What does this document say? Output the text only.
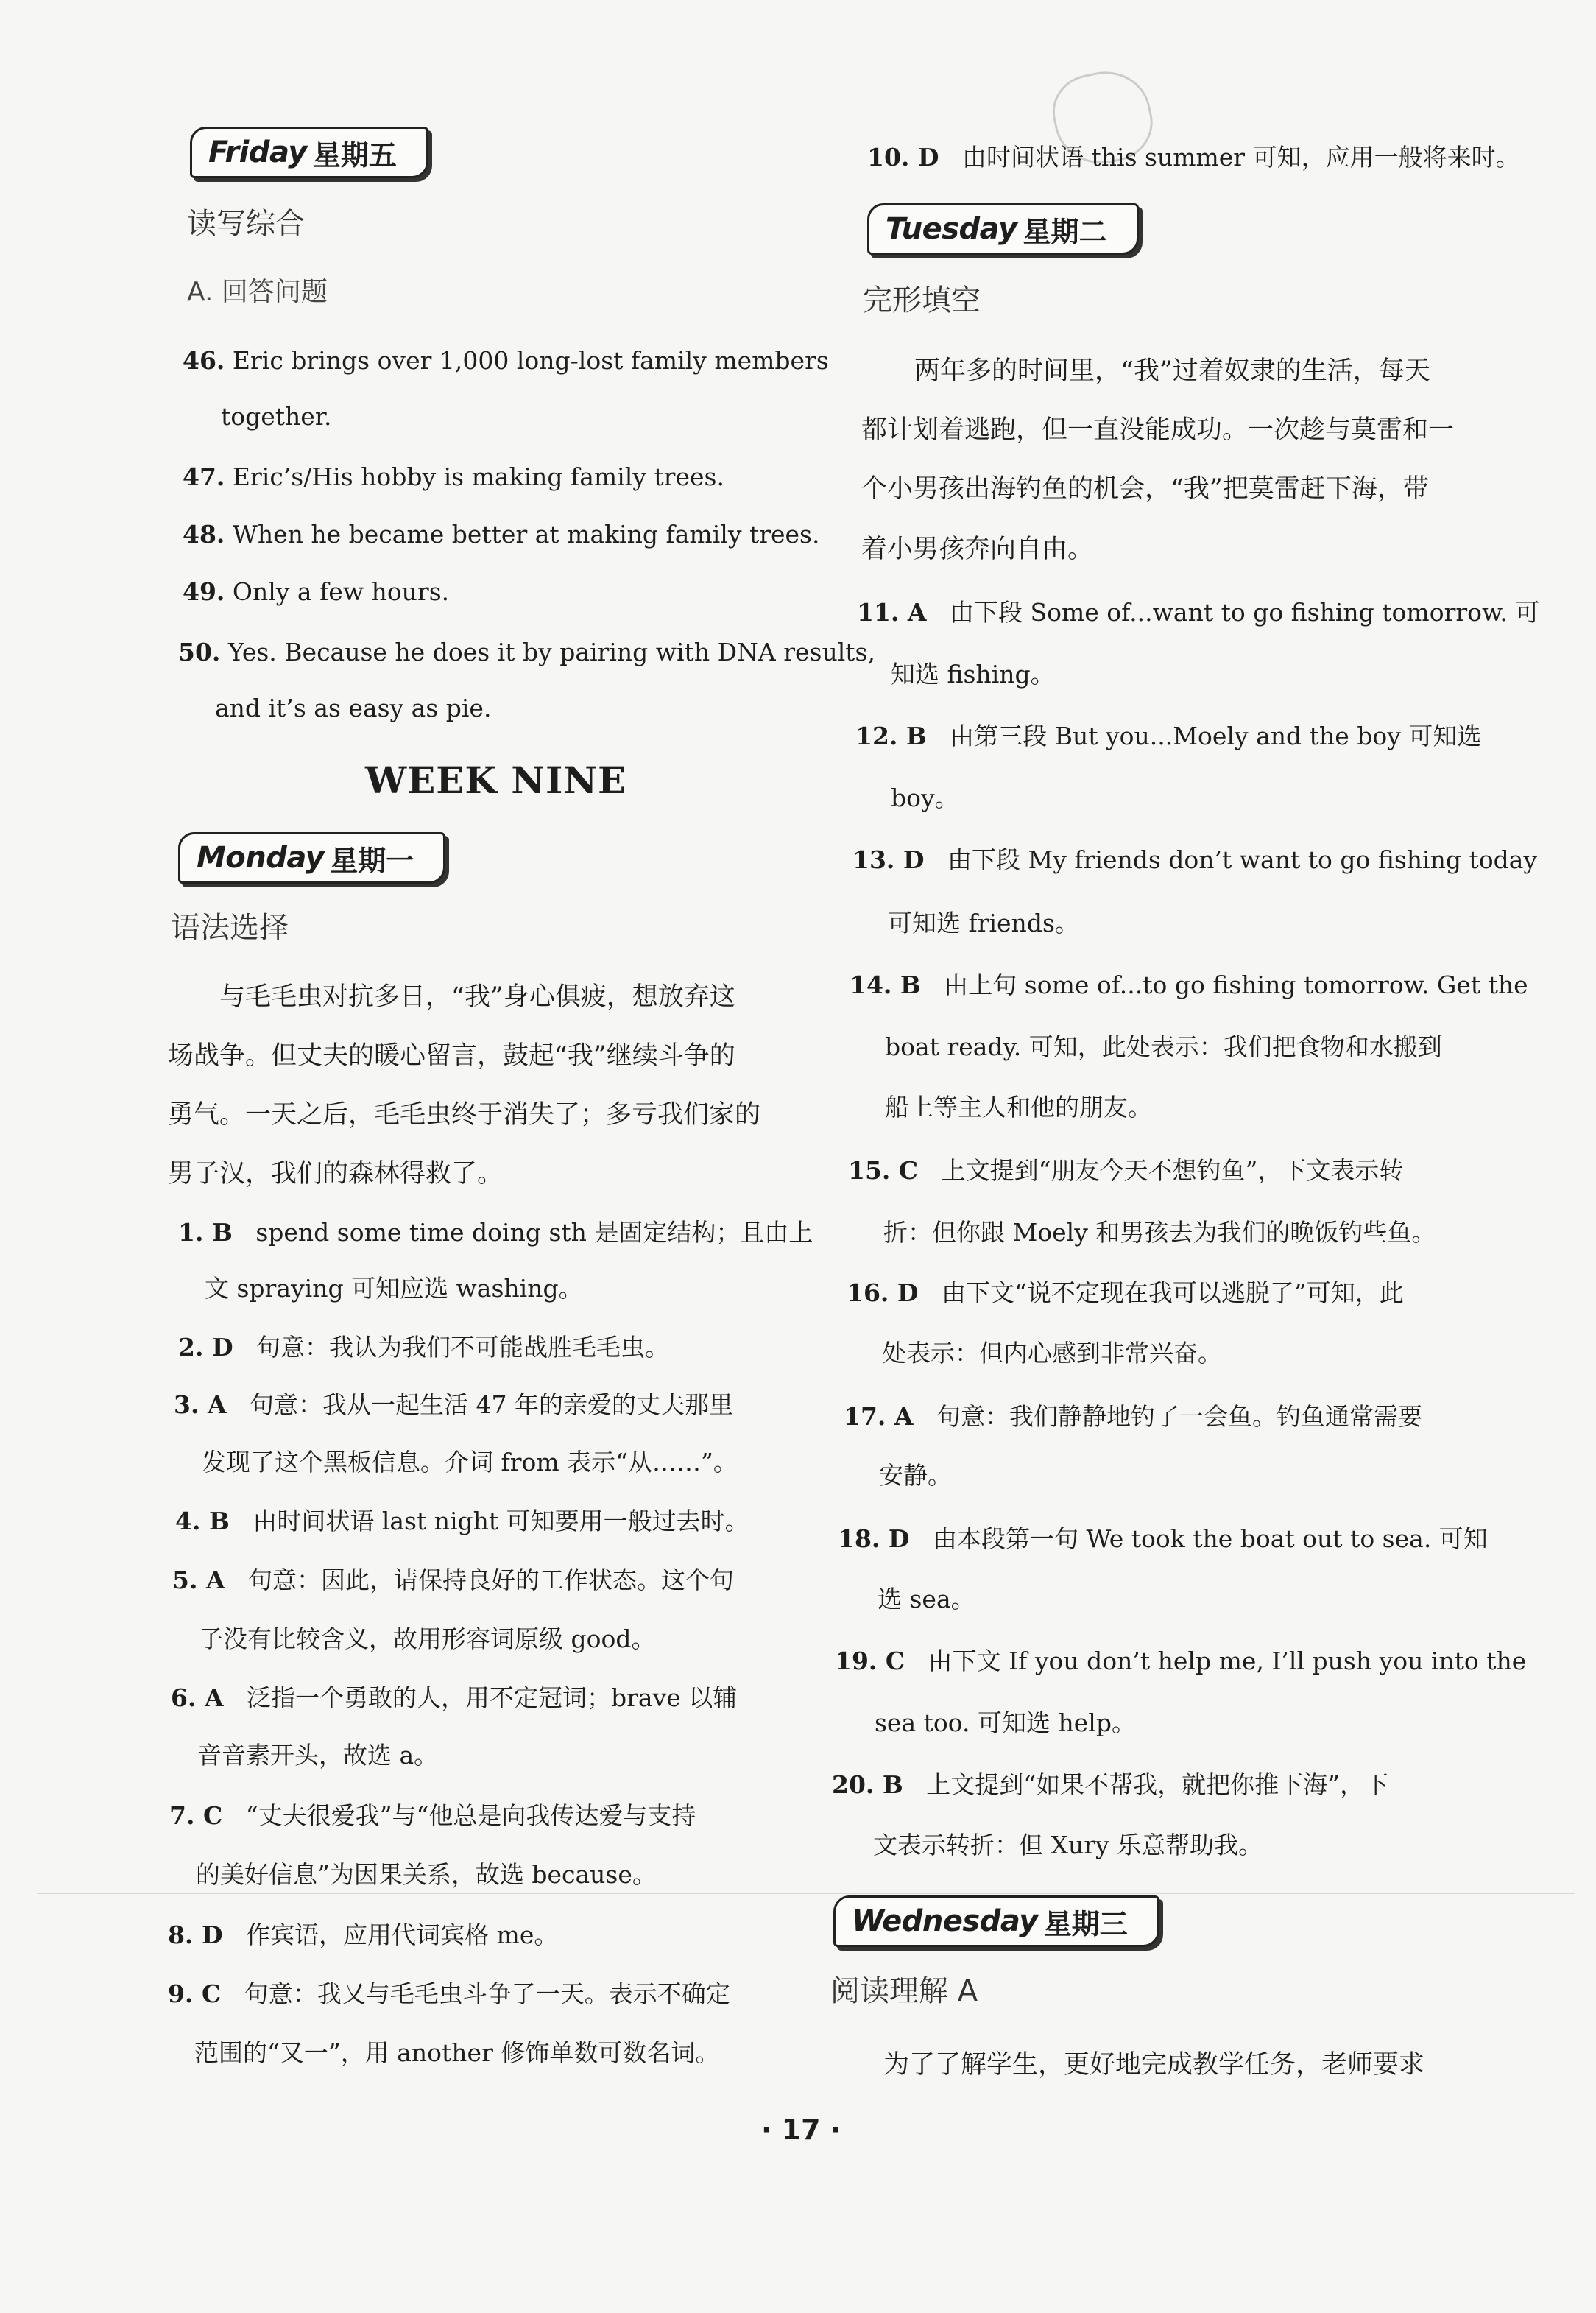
Friday 星期五
读写综合
A. 回答问题
46. Eric brings over 1,000 long-lost family members
together.
47. Eric’s/His hobby is making family trees.
48. When he became better at making family trees.
49. Only a few hours.
50. Yes. Because he does it by pairing with DNA results,
and it’s as easy as pie.
WEEK NINE
Monday 星期一
语法选择
与毛毛虫对抗多日，“我”身心俱疲，想放弃这
场战争。但丈夫的暖心留言，鼓起“我”继续斗争的
勇气。一天之后，毛毛虫终于消失了；多亏我们家的
男子汉，我们的森林得救了。
1. B spend some time doing sth 是固定结构；且由上
文 spraying 可知应选 washing。
2. D 句意：我认为我们不可能战胜毛毛虫。
3. A 句意：我从一起生活 47 年的亲爱的丈夫那里
发现了这个黑板信息。介词 from 表示“从……”。
4. B 由时间状语 last night 可知要用一般过去时。
5. A 句意：因此，请保持良好的工作状态。这个句
子没有比较含义，故用形容词原级 good。
6. A 泛指一个勇敢的人，用不定冠词；brave 以辅
音音素开头，故选 a。
7. C “丈夫很爱我”与“他总是向我传达爱与支持
的美好信息”为因果关系，故选 because。
8. D 作宾语，应用代词宾格 me。
9. C 句意：我又与毛毛虫斗争了一天。表示不确定
范围的“又一”，用 another 修饰单数可数名词。
10. D 由时间状语 this summer 可知，应用一般将来时。
Tuesday 星期二
完形填空
两年多的时间里，“我”过着奴隶的生活，每天
都计划着逃跑，但一直没能成功。一次趁与莫雷和一
个小男孩出海钓鱼的机会，“我”把莫雷赶下海，带
着小男孩奔向自由。
11. A 由下段 Some of...want to go fishing tomorrow. 可
知选 fishing。
12. B 由第三段 But you...Moely and the boy 可知选
boy。
13. D 由下段 My friends don’t want to go fishing today
可知选 friends。
14. B 由上句 some of...to go fishing tomorrow. Get the
boat ready. 可知，此处表示：我们把食物和水搬到
船上等主人和他的朋友。
15. C 上文提到“朋友今天不想钓鱼”，下文表示转
折：但你跟 Moely 和男孩去为我们的晚饭钓些鱼。
16. D 由下文“说不定现在我可以逃脱了”可知，此
处表示：但内心感到非常兴奋。
17. A 句意：我们静静地钓了一会鱼。钓鱼通常需要
安静。
18. D 由本段第一句 We took the boat out to sea. 可知
选 sea。
19. C 由下文 If you don’t help me, I’ll push you into the
sea too. 可知选 help。
20. B 上文提到“如果不帮我，就把你推下海”，下
文表示转折：但 Xury 乐意帮助我。
Wednesday 星期三
阅读理解 A
为了了解学生，更好地完成教学任务，老师要求
· 17 ·
